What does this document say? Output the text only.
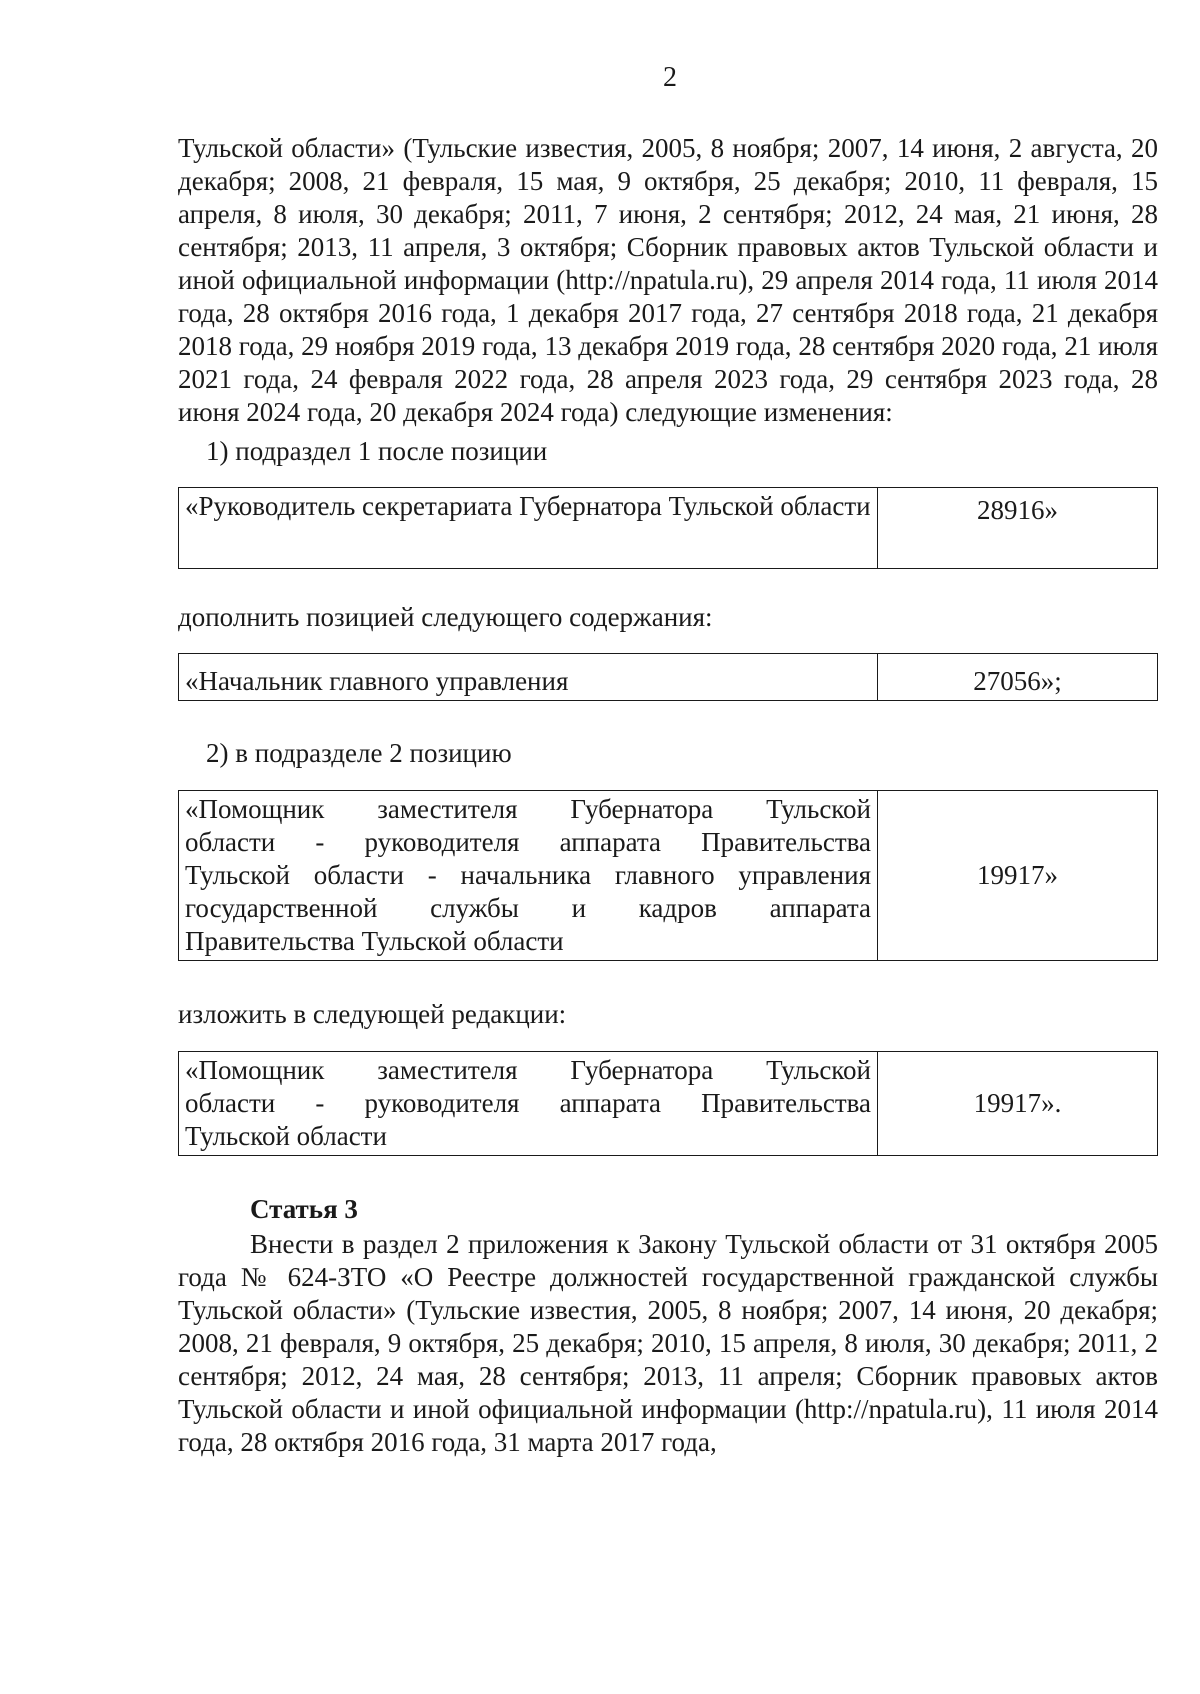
2

Тульской области» (Тульские известия, 2005, 8 ноября; 2007, 14 июня, 2 августа, 20 декабря; 2008, 21 февраля, 15 мая, 9 октября, 25 декабря; 2010, 11 февраля, 15 апреля, 8 июля, 30 декабря; 2011, 7 июня, 2 сентября; 2012, 24 мая, 21 июня, 28 сентября; 2013, 11 апреля, 3 октября; Сборник правовых актов Тульской области и иной официальной информации (http://npatula.ru), 29 апреля 2014 года, 11 июля 2014 года, 28 октября 2016 года, 1 декабря 2017 года, 27 сентября 2018 года, 21 декабря 2018 года, 29 ноября 2019 года, 13 декабря 2019 года, 28 сентября 2020 года, 21 июля 2021 года, 24 февраля 2022 года, 28 апреля 2023 года, 29 сентября 2023 года, 28 июня 2024 года, 20 декабря 2024 года) следующие изменения:

1) подраздел 1 после позиции

«Руководитель секретариата Губернатора Тульской области	28916»

дополнить позицией следующего содержания:

«Начальник главного управления	27056»;

2) в подразделе 2 позицию

«Помощник заместителя Губернатора Тульской
области - руководителя аппарата Правительства
Тульской области - начальника главного управления
государственной службы и кадров аппарата
Правительства Тульской области
	19917»

изложить в следующей редакции:

«Помощник заместителя Губернатора Тульской
области - руководителя аппарата Правительства
Тульской области
	19917».

Статья 3

Внести в раздел 2 приложения к Закону Тульской области от 31 октября 2005 года № 624-ЗТО «О Реестре должностей государственной гражданской службы Тульской области» (Тульские известия, 2005, 8 ноября; 2007, 14 июня, 20 декабря; 2008, 21 февраля, 9 октября, 25 декабря; 2010, 15 апреля, 8 июля, 30 декабря; 2011, 2 сентября; 2012, 24 мая, 28 сентября; 2013, 11 апреля; Сборник правовых актов Тульской области и иной официальной информации (http://npatula.ru), 11 июля 2014 года, 28 октября 2016 года, 31 марта 2017 года,
